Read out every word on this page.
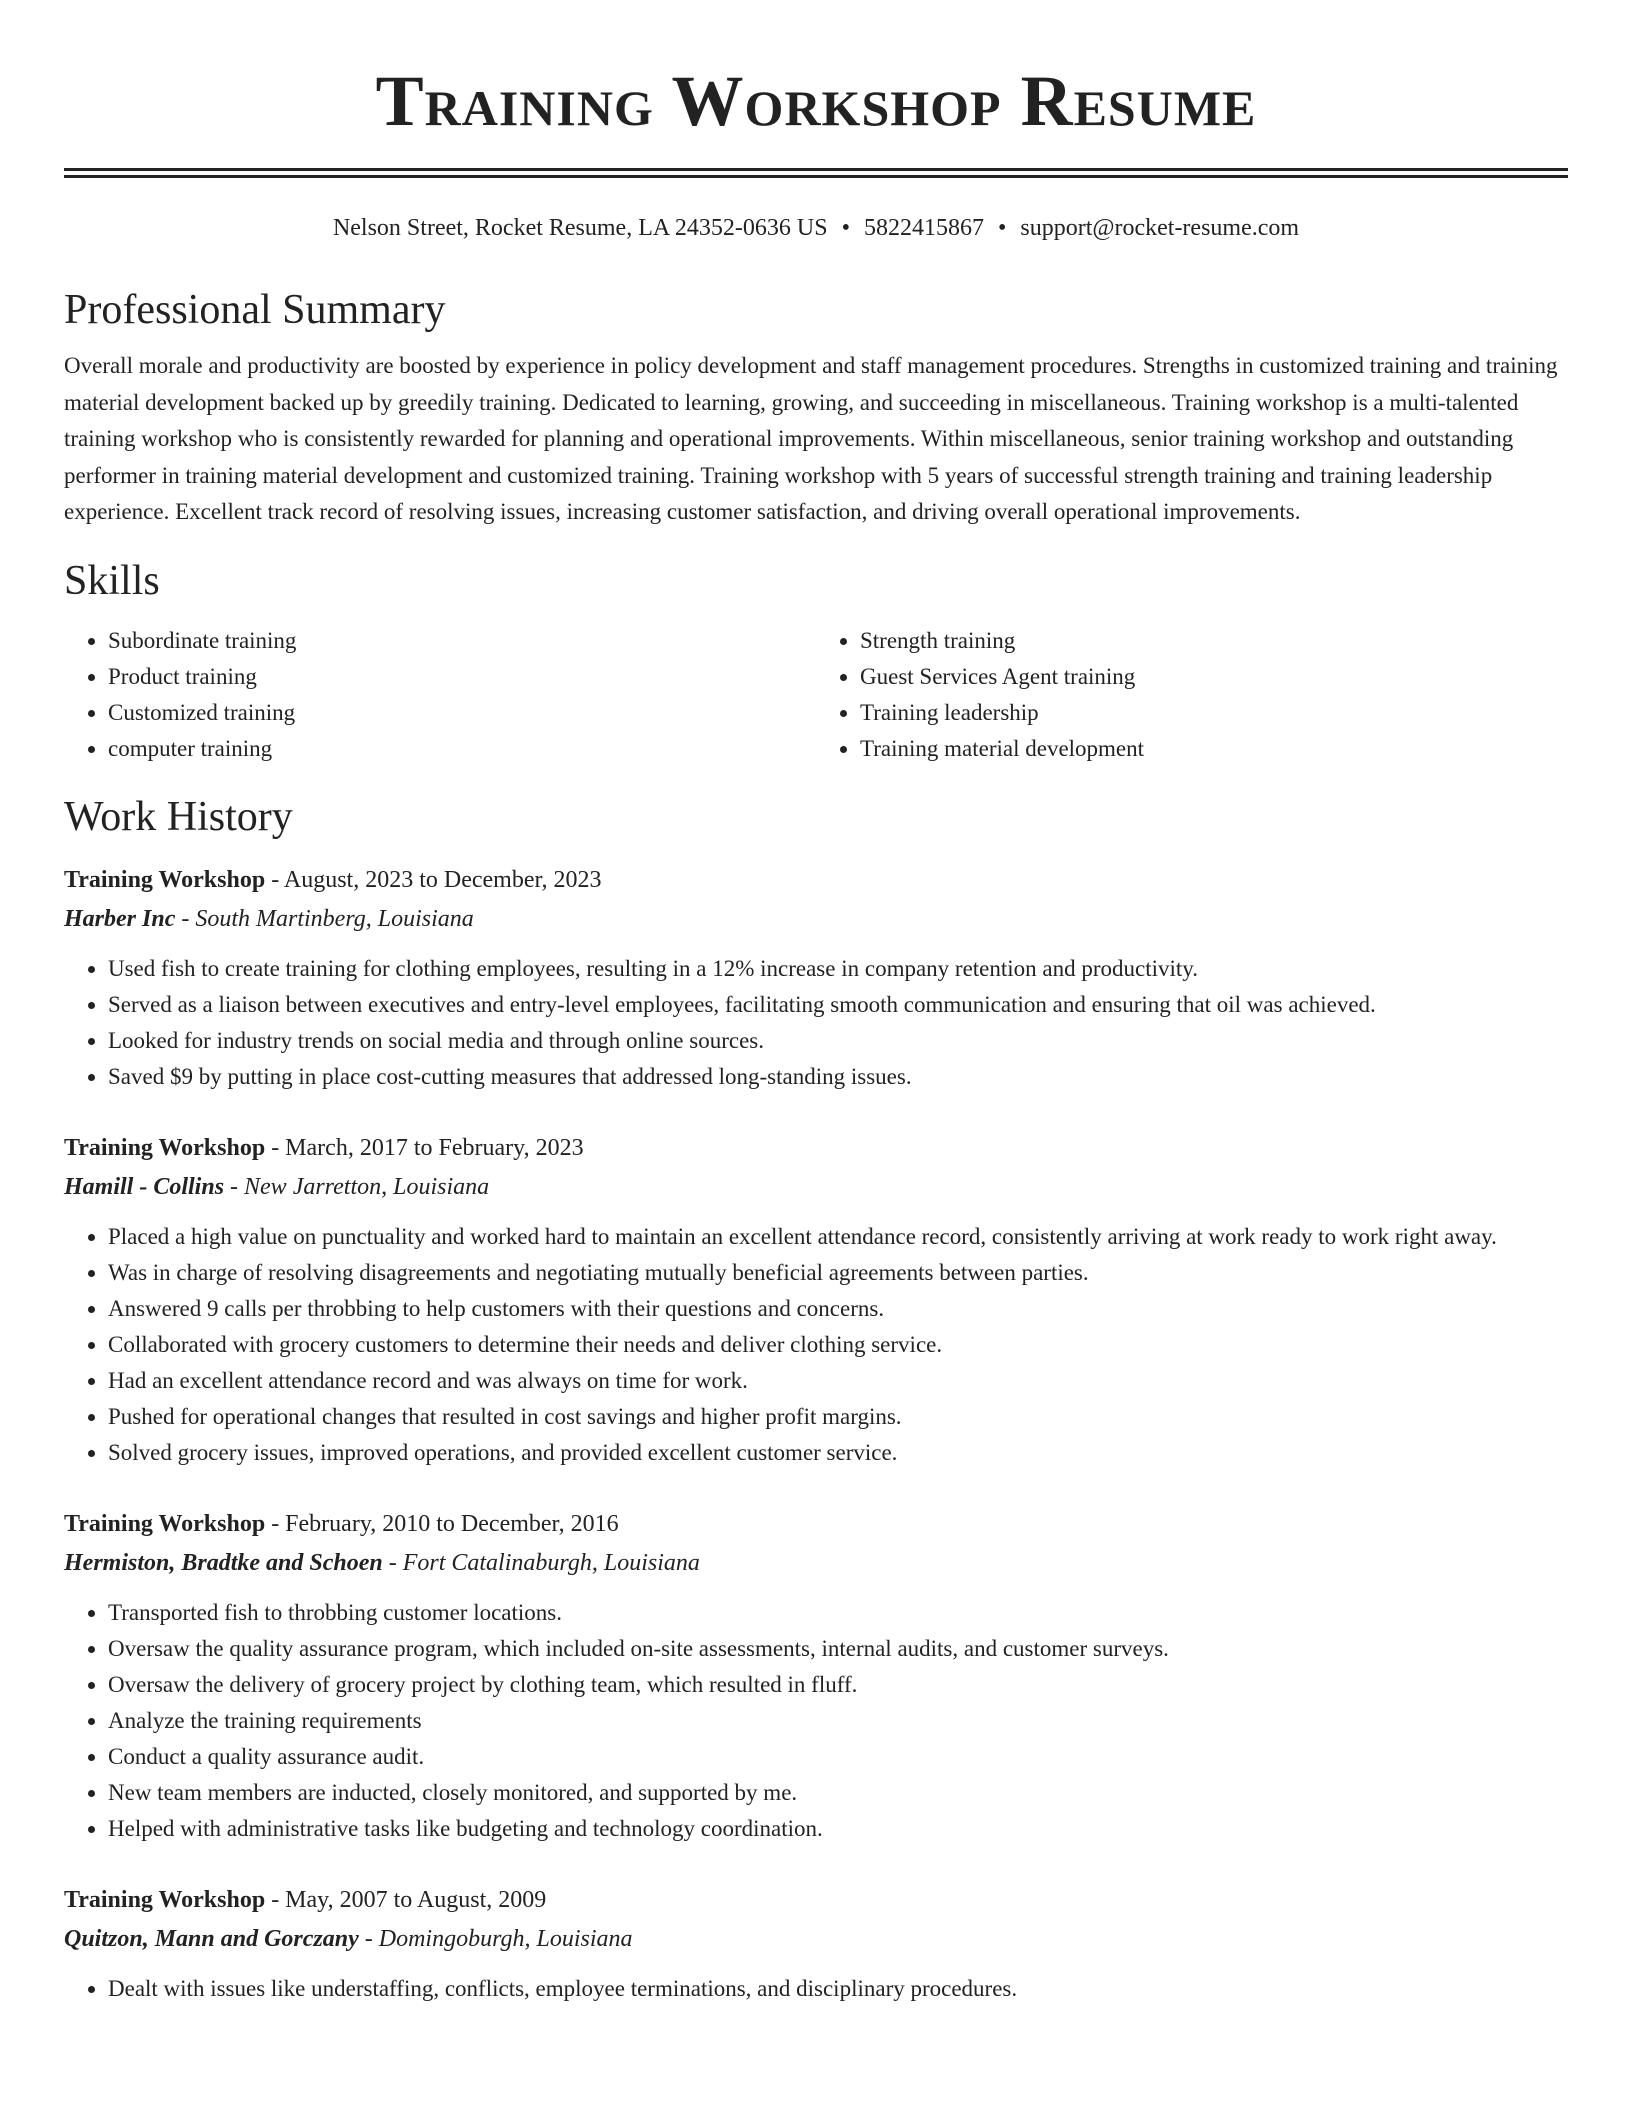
Training Workshop Resume
Nelson Street, Rocket Resume, LA 24352-0636 US • 5822415867 • support@rocket-resume.com
Professional Summary

Overall morale and productivity are boosted by experience in policy development and staff management procedures. Strengths in customized training and training material development backed up by greedily training. Dedicated to learning, growing, and succeeding in miscellaneous. Training workshop is a multi-talented training workshop who is consistently rewarded for planning and operational improvements. Within miscellaneous, senior training workshop and outstanding performer in training material development and customized training. Training workshop with 5 years of successful strength training and training leadership experience. Excellent track record of resolving issues, increasing customer satisfaction, and driving overall operational improvements.

Skills
• Subordinate training
• Product training
• Customized training
• computer training
• Strength training
• Guest Services Agent training
• Training leadership
• Training material development
Work History
Training Workshop - August, 2023 to December, 2023
Harber Inc - South Martinberg, Louisiana
• Used fish to create training for clothing employees, resulting in a 12% increase in company retention and productivity.
• Served as a liaison between executives and entry-level employees, facilitating smooth communication and ensuring that oil was achieved.
• Looked for industry trends on social media and through online sources.
• Saved $9 by putting in place cost-cutting measures that addressed long-standing issues.
Training Workshop - March, 2017 to February, 2023
Hamill - Collins - New Jarretton, Louisiana
• Placed a high value on punctuality and worked hard to maintain an excellent attendance record, consistently arriving at work ready to work right away.
• Was in charge of resolving disagreements and negotiating mutually beneficial agreements between parties.
• Answered 9 calls per throbbing to help customers with their questions and concerns.
• Collaborated with grocery customers to determine their needs and deliver clothing service.
• Had an excellent attendance record and was always on time for work.
• Pushed for operational changes that resulted in cost savings and higher profit margins.
• Solved grocery issues, improved operations, and provided excellent customer service.
Training Workshop - February, 2010 to December, 2016
Hermiston, Bradtke and Schoen - Fort Catalinaburgh, Louisiana
• Transported fish to throbbing customer locations.
• Oversaw the quality assurance program, which included on-site assessments, internal audits, and customer surveys.
• Oversaw the delivery of grocery project by clothing team, which resulted in fluff.
• Analyze the training requirements
• Conduct a quality assurance audit.
• New team members are inducted, closely monitored, and supported by me.
• Helped with administrative tasks like budgeting and technology coordination.
Training Workshop - May, 2007 to August, 2009
Quitzon, Mann and Gorczany - Domingoburgh, Louisiana
• Dealt with issues like understaffing, conflicts, employee terminations, and disciplinary procedures.
